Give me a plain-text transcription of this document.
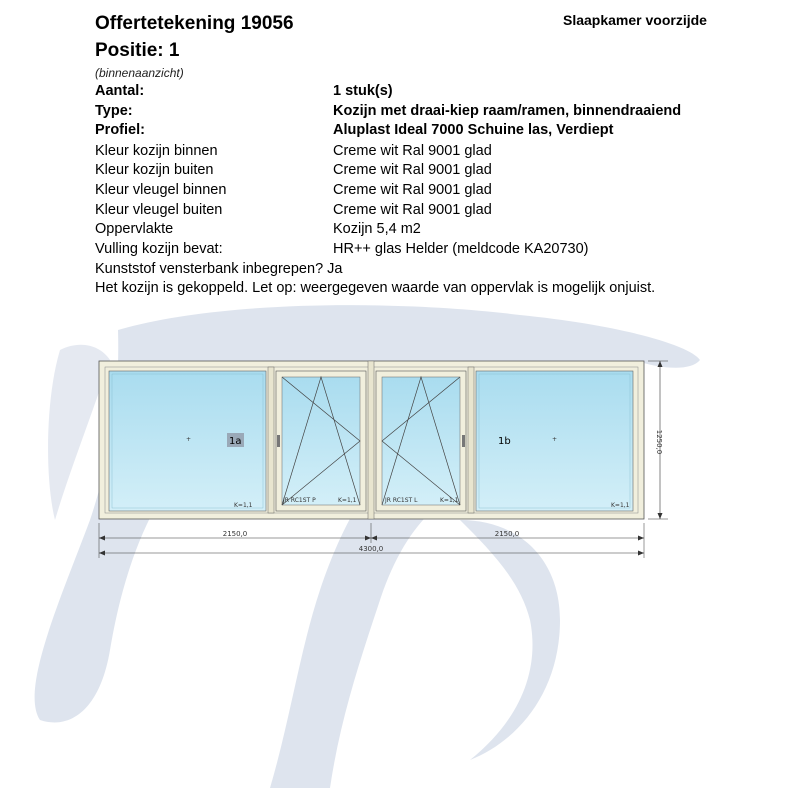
Offertetekening 19056
Positie: 1
Slaapkamer voorzijde
(binnenaanzicht)
Aantal:	1 stuk(s)
Type:	Kozijn met draai-kiep raam/ramen, binnendraaiend
Profiel:	Aluplast Ideal 7000 Schuine las, Verdiept
Kleur kozijn binnen	Creme wit Ral 9001 glad
Kleur kozijn buiten	Creme wit Ral 9001 glad
Kleur vleugel binnen	Creme wit Ral 9001 glad
Kleur vleugel buiten	Creme wit Ral 9001 glad
Oppervlakte	Kozijn 5,4 m2
Vulling kozijn bevat:	HR++ glas Helder (meldcode KA20730)
Kunststof vensterbank inbegrepen? Ja
Het kozijn is gekoppeld. Let op: weergegeven waarde van oppervlak is mogelijk onjuist.
1a
+
K=1,1
JR RC1ST P	K=1,1	JR RC1ST L	K=1,1
1b	+
K=1,1
1250,0
2150,0	2150,0
4300,0
